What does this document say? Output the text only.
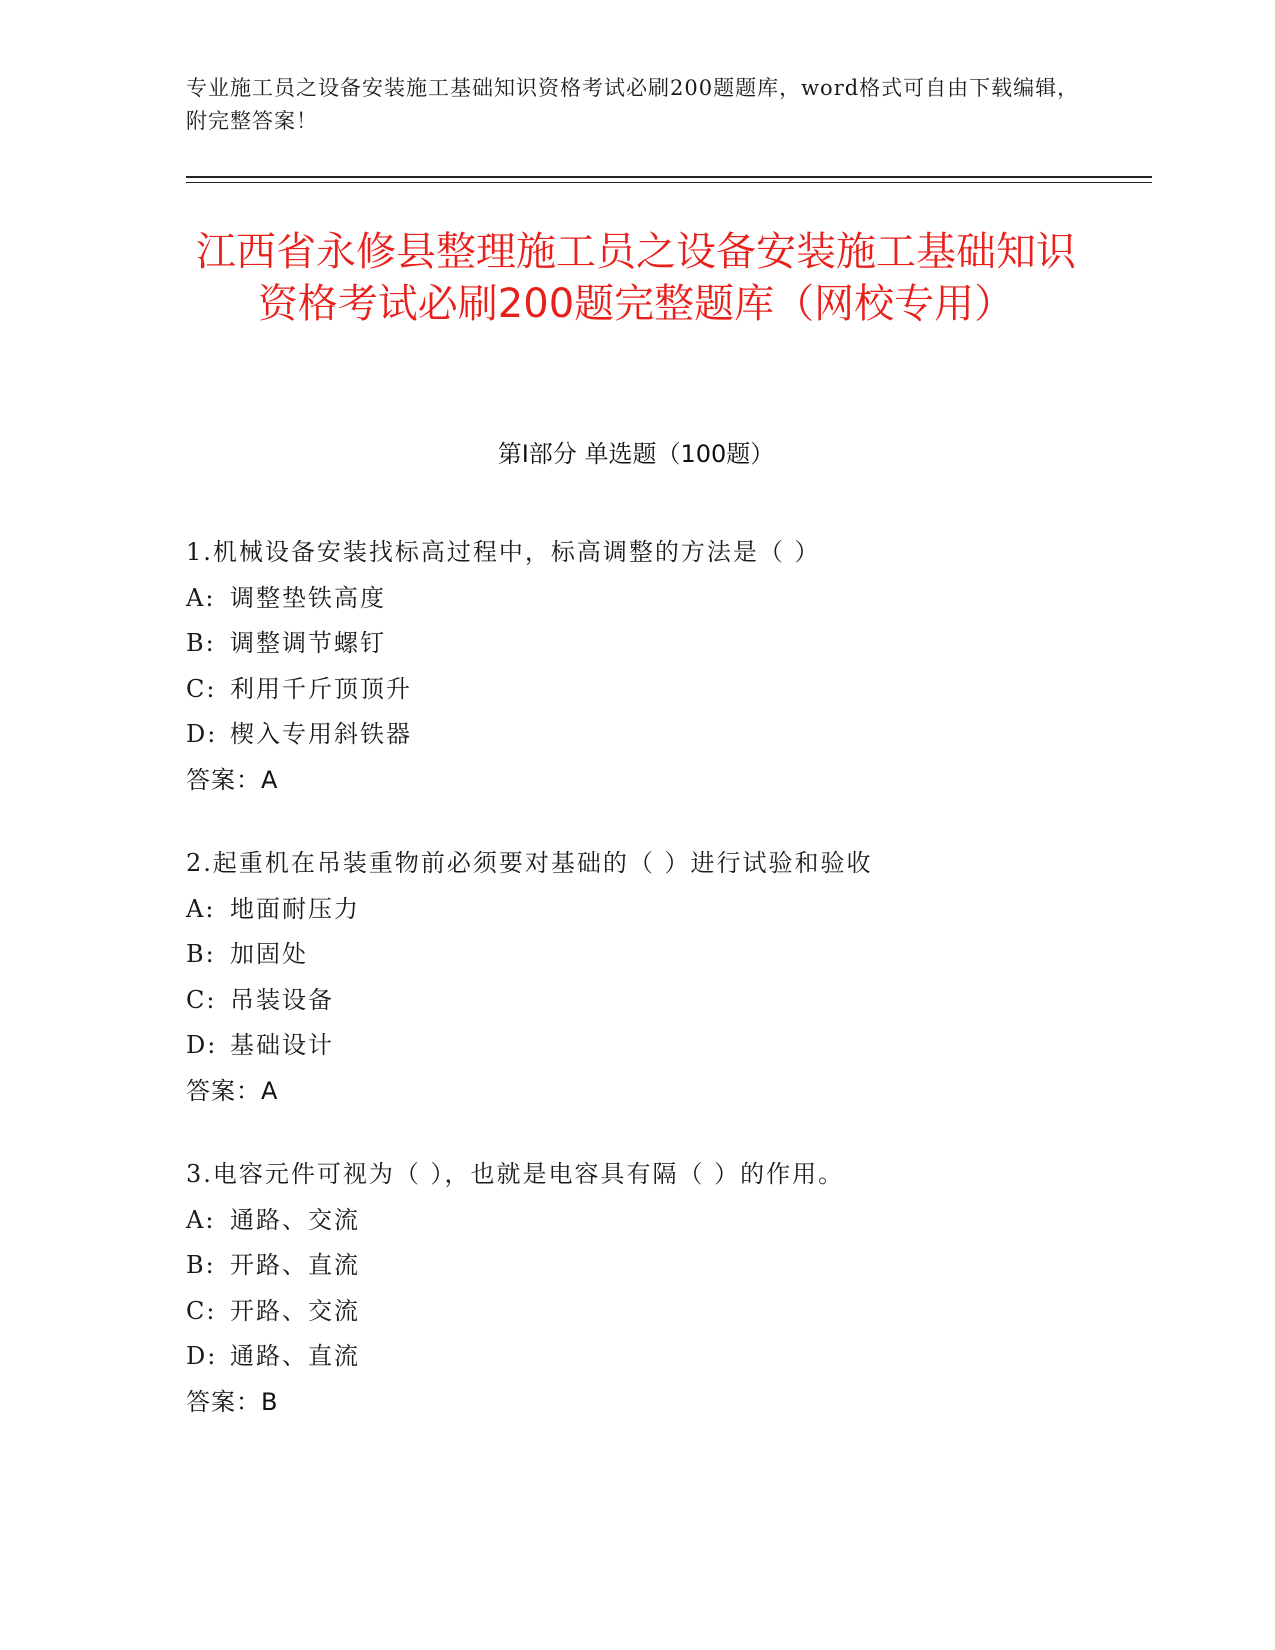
专业施工员之设备安装施工基础知识资格考试必刷200题题库，word格式可自由下载编辑，附完整答案！
江西省永修县整理施工员之设备安装施工基础知识资格考试必刷200题完整题库（网校专用）
第I部分 单选题（100题）
1.机械设备安装找标高过程中，标高调整的方法是（ ）
A: 调整垫铁高度
B: 调整调节螺钉
C: 利用千斤顶顶升
D: 楔入专用斜铁器
答案：A
2.起重机在吊装重物前必须要对基础的（ ）进行试验和验收
A: 地面耐压力
B: 加固处
C: 吊装设备
D: 基础设计
答案：A
3.电容元件可视为（ ），也就是电容具有隔（ ）的作用。
A: 通路、交流
B: 开路、直流
C: 开路、交流
D: 通路、直流
答案：B
